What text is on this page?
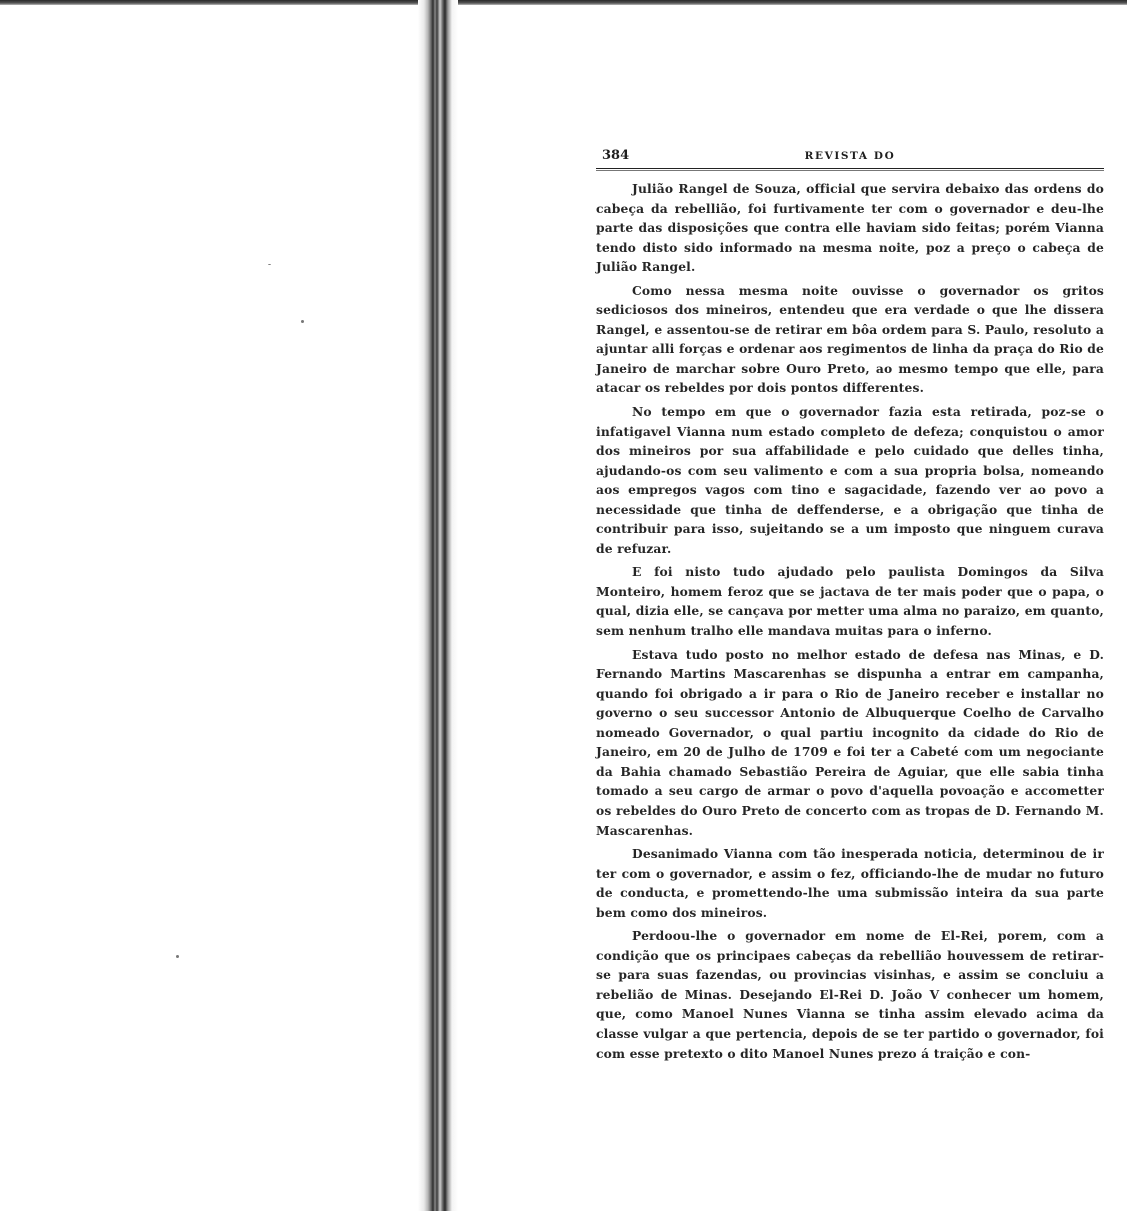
384	REVISTA DO

Julião Rangel de Souza, official que servira debaixo das ordens do cabeça da rebellião, foi furtivamente ter com o governador e deu-lhe parte das disposições que contra elle haviam sido feitas; porém Vianna tendo disto sido informado na mesma noite, poz a preço o cabeça de Julião Rangel.

Como nessa mesma noite ouvisse o governador os gritos sediciosos dos mineiros, entendeu que era verdade o que lhe dissera Rangel, e assentou-se de retirar em bôa ordem para S. Paulo, resoluto a ajuntar alli forças e ordenar aos regimentos de linha da praça do Rio de Janeiro de marchar sobre Ouro Preto, ao mesmo tempo que elle, para atacar os rebeldes por dois pontos differentes.

No tempo em que o governador fazia esta retirada, poz-se o infatigavel Vianna num estado completo de defeza; conquistou o amor dos mineiros por sua affabilidade e pelo cuidado que delles tinha, ajudando-os com seu valimento e com a sua propria bolsa, nomeando aos empregos vagos com tino e sagacidade, fazendo ver ao povo a necessidade que tinha de deffenderse, e a obrigação que tinha de contribuir para isso, sujeitando se a um imposto que ninguem curava de refuzar.

E foi nisto tudo ajudado pelo paulista Domingos da Silva Monteiro, homem feroz que se jactava de ter mais poder que o papa, o qual, dizia elle, se cançava por metter uma alma no paraizo, em quanto, sem nenhum tralho elle mandava muitas para o inferno.

Estava tudo posto no melhor estado de defesa nas Minas, e D. Fernando Martins Mascarenhas se dispunha a entrar em campanha, quando foi obrigado a ir para o Rio de Janeiro receber e installar no governo o seu successor Antonio de Albuquerque Coelho de Carvalho nomeado Governador, o qual partiu incognito da cidade do Rio de Janeiro, em 20 de Julho de 1709 e foi ter a Cabeté com um negociante da Bahia chamado Sebastião Pereira de Aguiar, que elle sabia tinha tomado a seu cargo de armar o povo d'aquella povoação e accometter os rebeldes do Ouro Preto de concerto com as tropas de D. Fernando M. Mascarenhas.

Desanimado Vianna com tão inesperada noticia, determinou de ir ter com o governador, e assim o fez, officiando-lhe de mudar no futuro de conducta, e promettendo-lhe uma submissão inteira da sua parte bem como dos mineiros.

Perdoou-lhe o governador em nome de El-Rei, porem, com a condição que os principaes cabeças da rebellião houvessem de retirar-se para suas fazendas, ou provincias visinhas, e assim se concluiu a rebelião de Minas. Desejando El-Rei D. João V conhecer um homem, que, como Manoel Nunes Vianna se tinha assim elevado acima da classe vulgar a que pertencia, depois de se ter partido o governador, foi com esse pretexto o dito Manoel Nunes prezo á traição e con-
